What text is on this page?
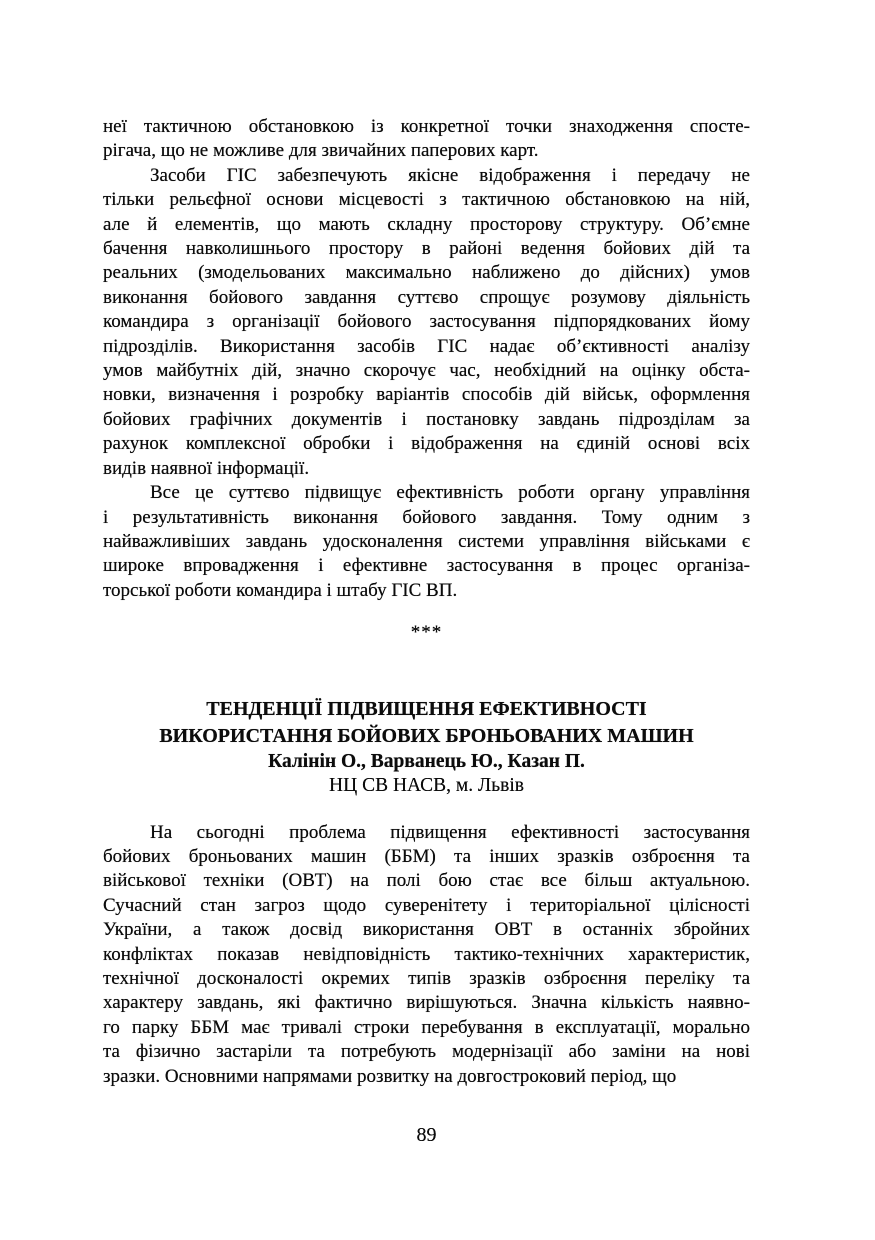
неї тактичною обстановкою із конкретної точки знаходження спосте-
рігача, що не можливе для звичайних паперових карт.
Засоби ГІС забезпечують якісне відображення і передачу не
тільки рельєфної основи місцевості з тактичною обстановкою на ній,
але й елементів, що мають складну просторову структуру. Об’ємне
бачення навколишнього простору в районі ведення бойових дій та
реальних (змодельованих максимально наближено до дійсних) умов
виконання бойового завдання суттєво спрощує розумову діяльність
командира з організації бойового застосування підпорядкованих йому
підрозділів. Використання засобів ГІС надає об’єктивності аналізу
умов майбутніх дій, значно скорочує час, необхідний на оцінку обста-
новки, визначення і розробку варіантів способів дій військ, оформлення
бойових графічних документів і постановку завдань підрозділам за
рахунок комплексної обробки і відображення на єдиній основі всіх
видів наявної інформації.
Все це суттєво підвищує ефективність роботи органу управління
і результативність виконання бойового завдання. Тому одним з
найважливіших завдань удосконалення системи управління військами є
широке впровадження і ефективне застосування в процес організа-
торської роботи командира і штабу ГІС ВП.
***
ТЕНДЕНЦІЇ ПІДВИЩЕННЯ ЕФЕКТИВНОСТІ
ВИКОРИСТАННЯ БОЙОВИХ БРОНЬОВАНИХ МАШИН
Калінін О., Варванець Ю., Казан П.
НЦ СВ НАСВ, м. Львів
На сьогодні проблема підвищення ефективності застосування
бойових броньованих машин (ББМ) та інших зразків озброєння та
військової техніки (ОВТ) на полі бою стає все більш актуальною.
Сучасний стан загроз щодо суверенітету і територіальної цілісності
України, а також досвід використання ОВТ в останніх збройних
конфліктах показав невідповідність тактико-технічних характеристик,
технічної досконалості окремих типів зразків озброєння переліку та
характеру завдань, які фактично вирішуються. Значна кількість наявно-
го парку ББМ має тривалі строки перебування в експлуатації, морально
та фізично застаріли та потребують модернізації або заміни на нові
зразки. Основними напрямами розвитку на довгостроковий період, що
89
